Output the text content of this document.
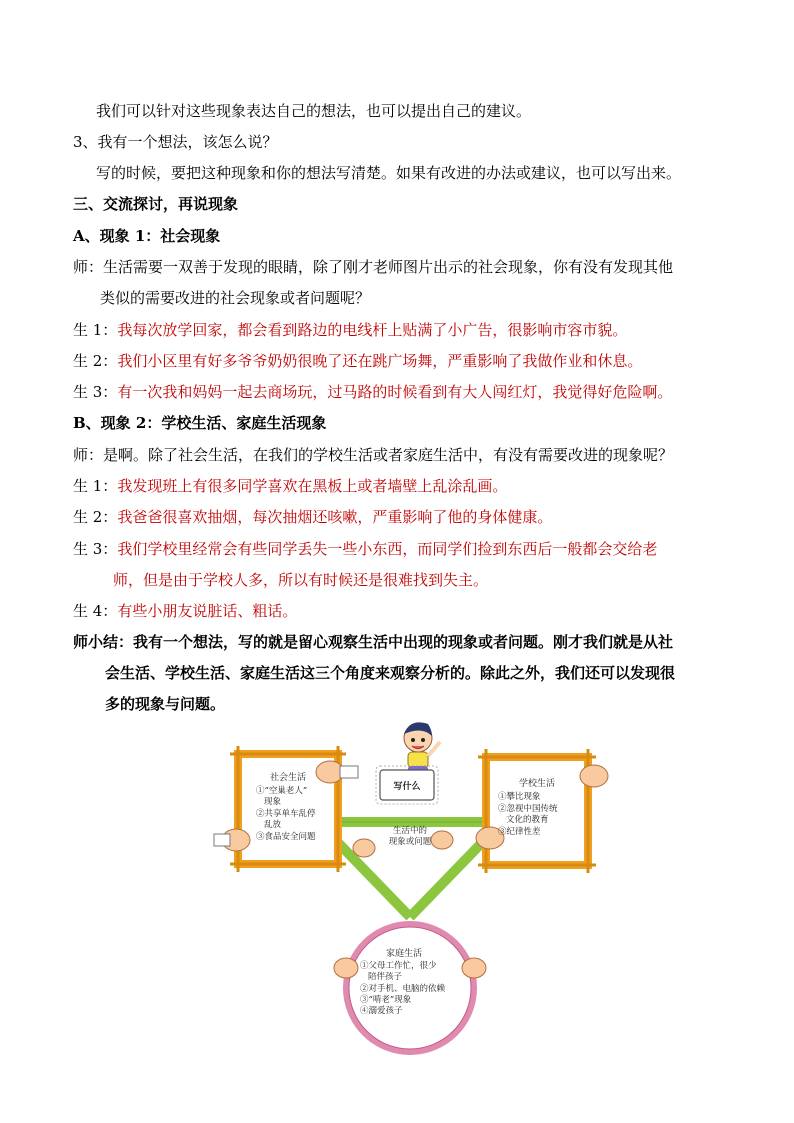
我们可以针对这些现象表达自己的想法，也可以提出自己的建议。
3、我有一个想法，该怎么说？
写的时候，要把这种现象和你的想法写清楚。如果有改进的办法或建议，也可以写出来。
三、交流探讨，再说现象
A、现象 1：社会现象
师：生活需要一双善于发现的眼睛，除了刚才老师图片出示的社会现象，你有没有发现其他
类似的需要改进的社会现象或者问题呢？
生 1：我每次放学回家，都会看到路边的电线杆上贴满了小广告，很影响市容市貌。
生 2：我们小区里有好多爷爷奶奶很晚了还在跳广场舞，严重影响了我做作业和休息。
生 3：有一次我和妈妈一起去商场玩，过马路的时候看到有大人闯红灯，我觉得好危险啊。
B、现象 2：学校生活、家庭生活现象
师：是啊。除了社会生活，在我们的学校生活或者家庭生活中，有没有需要改进的现象呢？
生 1：我发现班上有很多同学喜欢在黑板上或者墙壁上乱涂乱画。
生 2：我爸爸很喜欢抽烟，每次抽烟还咳嗽，严重影响了他的身体健康。
生 3：我们学校里经常会有些同学丢失一些小东西，而同学们捡到东西后一般都会交给老
师，但是由于学校人多，所以有时候还是很难找到失主。
生 4：有些小朋友说脏话、粗话。
师小结：我有一个想法，写的就是留心观察生活中出现的现象或者问题。刚才我们就是从社
会生活、学校生活、家庭生活这三个角度来观察分析的。除此之外，我们还可以发现很
多的现象与问题。
社会生活
①“空巢老人”
现象
②共享单车乱停
乱放
③食品安全问题
学校生活
①攀比现象
②忽视中国传统
文化的教育
③纪律性差
写什么
生活中的
现象或问题
家庭生活
①父母工作忙，很少
陪伴孩子
②对手机、电脑的依赖
③“啃老”现象
④溺爱孩子
